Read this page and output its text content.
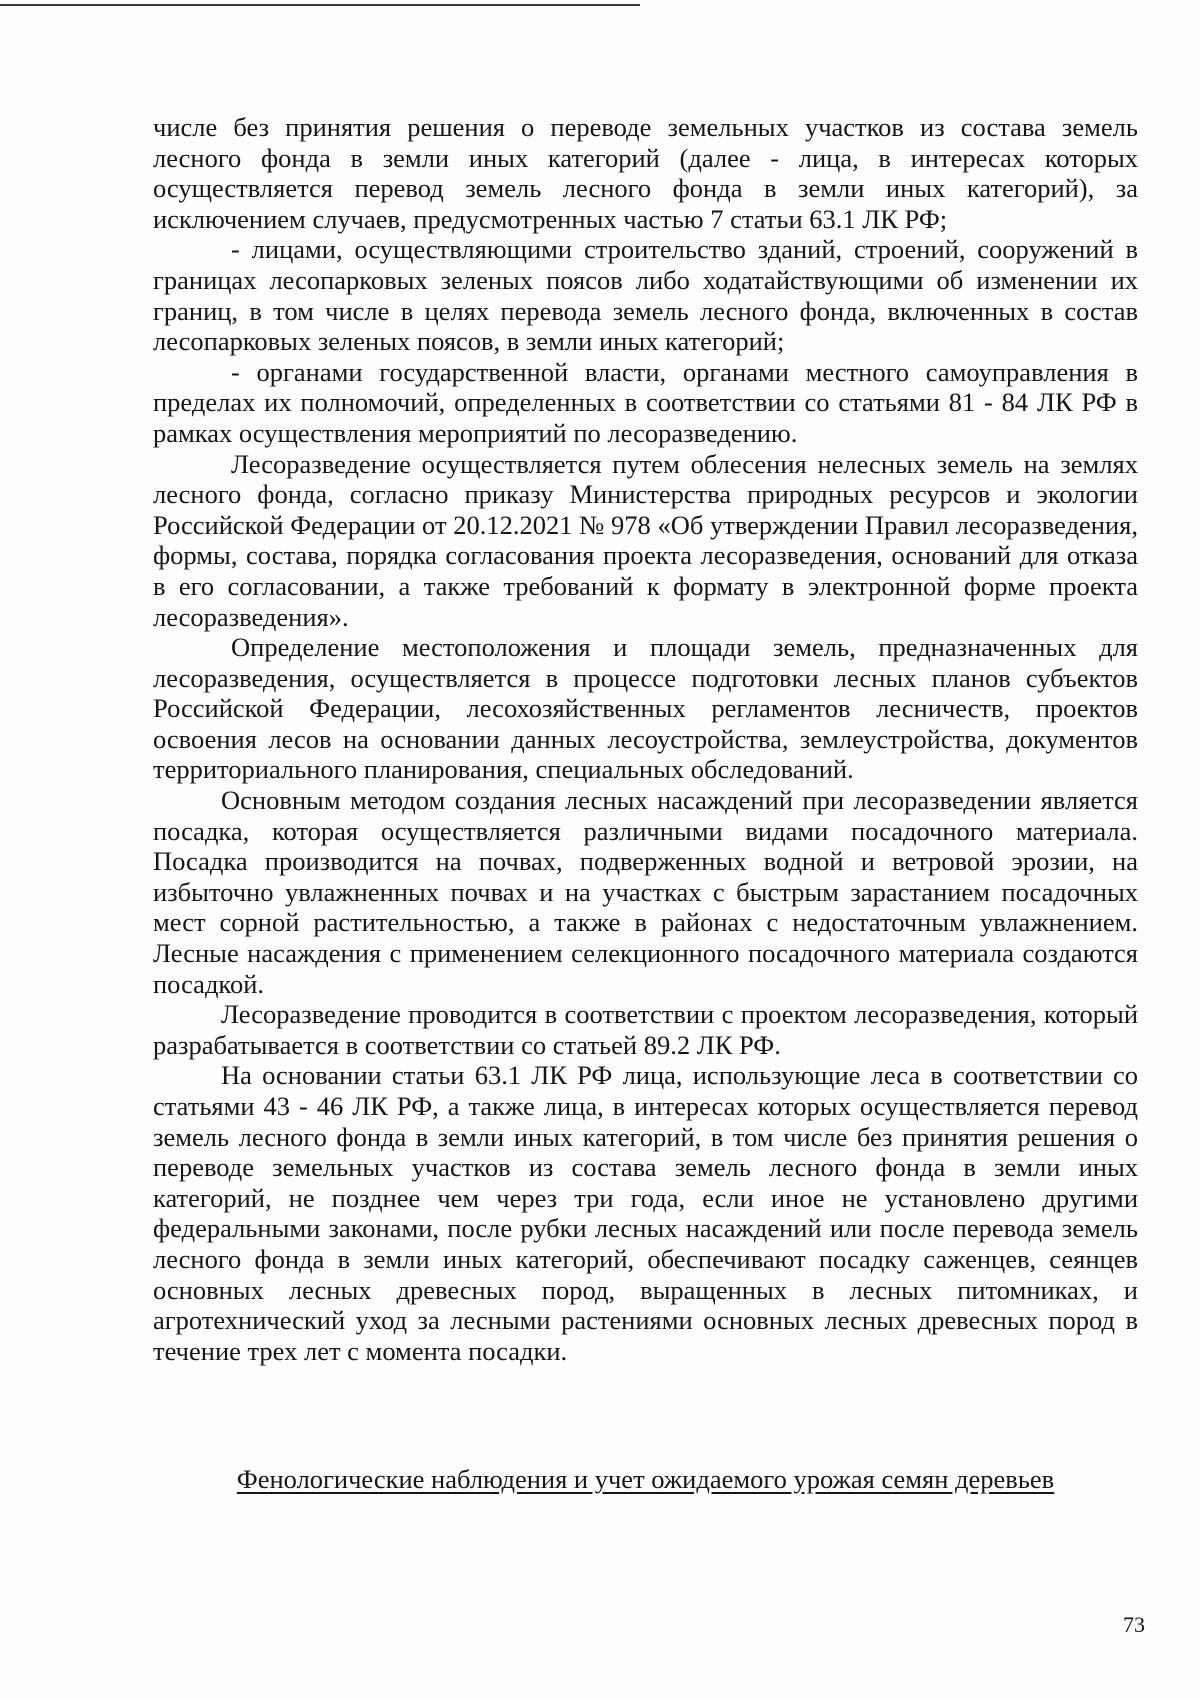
числе без принятия решения о переводе земельных участков из состава земель лесного фонда в земли иных категорий (далее - лица, в интересах которых осуществляется перевод земель лесного фонда в земли иных категорий), за исключением случаев, предусмотренных частью 7 статьи 63.1 ЛК РФ;

- лицами, осуществляющими строительство зданий, строений, сооружений в границах лесопарковых зеленых поясов либо ходатайствующими об изменении их границ, в том числе в целях перевода земель лесного фонда, включенных в состав лесопарковых зеленых поясов, в земли иных категорий;

- органами государственной власти, органами местного самоуправления в пределах их полномочий, определенных в соответствии со статьями 81 - 84 ЛК РФ в рамках осуществления мероприятий по лесоразведению.

Лесоразведение осуществляется путем облесения нелесных земель на землях лесного фонда, согласно приказу Министерства природных ресурсов и экологии Российской Федерации от 20.12.2021 № 978 «Об утверждении Правил лесоразведения, формы, состава, порядка согласования проекта лесоразведения, оснований для отказа в его согласовании, а также требований к формату в электронной форме проекта лесоразведения».

Определение местоположения и площади земель, предназначенных для лесоразведения, осуществляется в процессе подготовки лесных планов субъектов Российской Федерации, лесохозяйственных регламентов лесничеств, проектов освоения лесов на основании данных лесоустройства, землеустройства, документов территориального планирования, специальных обследований.

Основным методом создания лесных насаждений при лесоразведении является посадка, которая осуществляется различными видами посадочного материала. Посадка производится на почвах, подверженных водной и ветровой эрозии, на избыточно увлажненных почвах и на участках с быстрым зарастанием посадочных мест сорной растительностью, а также в районах с недостаточным увлажнением. Лесные насаждения с применением селекционного посадочного материала создаются посадкой.

Лесоразведение проводится в соответствии с проектом лесоразведения, который разрабатывается в соответствии со статьей 89.2 ЛК РФ.

На основании статьи 63.1 ЛК РФ лица, использующие леса в соответствии со статьями 43 - 46 ЛК РФ, а также лица, в интересах которых осуществляется перевод земель лесного фонда в земли иных категорий, в том числе без принятия решения о переводе земельных участков из состава земель лесного фонда в земли иных категорий, не позднее чем через три года, если иное не установлено другими федеральными законами, после рубки лесных насаждений или после перевода земель лесного фонда в земли иных категорий, обеспечивают посадку саженцев, сеянцев основных лесных древесных пород, выращенных в лесных питомниках, и агротехнический уход за лесными растениями основных лесных древесных пород в течение трех лет с момента посадки.

Фенологические наблюдения и учет ожидаемого урожая семян деревьев
73
